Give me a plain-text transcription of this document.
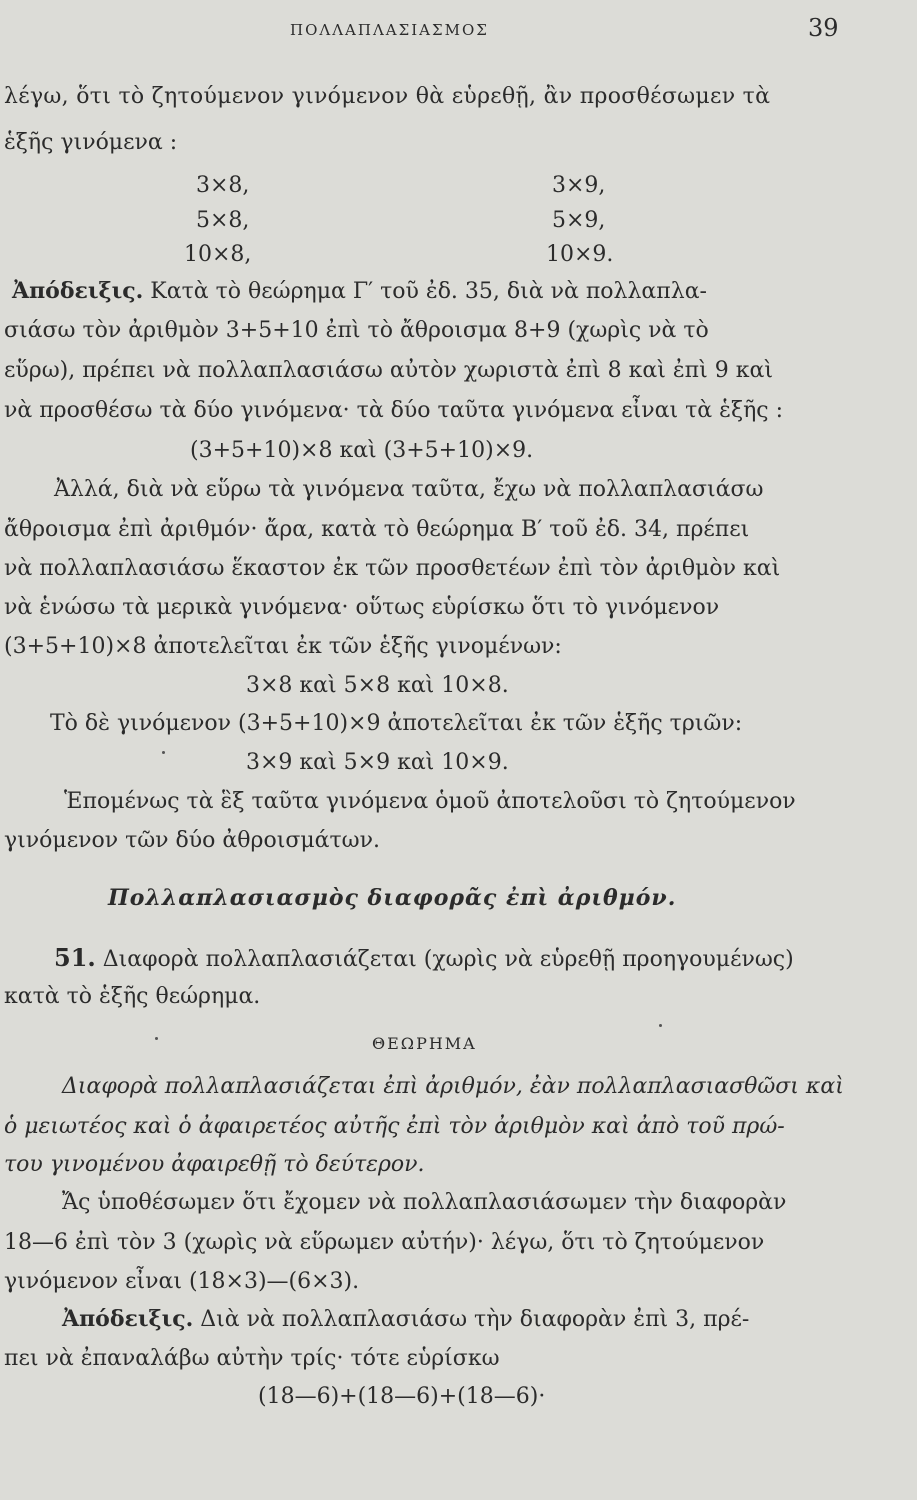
ΠΟΛΛΑΠΛΑΣΙΑΣΜΟΣ	39
λέγω, ὅτι τὸ ζητούμενον γινόμενον θὰ εὑρεθῇ, ἂν προσθέσωμεν τὰ
ἑξῆς γινόμενα :
3×8,	3×9,
5×8,	5×9,
10×8,	10×9.
Ἀπόδειξις. Κατὰ τὸ θεώρημα Γ′ τοῦ ἐδ. 35, διὰ νὰ πολλαπλα-
σιάσω τὸν ἀριθμὸν 3+5+10 ἐπὶ τὸ ἄθροισμα 8+9 (χωρὶς νὰ τὸ
εὕρω), πρέπει νὰ πολλαπλασιάσω αὐτὸν χωριστὰ ἐπὶ 8 καὶ ἐπὶ 9 καὶ
νὰ προσθέσω τὰ δύο γινόμενα· τὰ δύο ταῦτα γινόμενα εἶναι τὰ ἑξῆς :
(3+5+10)×8 καὶ (3+5+10)×9.
Ἀλλά, διὰ νὰ εὕρω τὰ γινόμενα ταῦτα, ἔχω νὰ πολλαπλασιάσω
ἄθροισμα ἐπὶ ἀριθμόν· ἄρα, κατὰ τὸ θεώρημα Β′ τοῦ ἐδ. 34, πρέπει
νὰ πολλαπλασιάσω ἕκαστον ἐκ τῶν προσθετέων ἐπὶ τὸν ἀριθμὸν καὶ
νὰ ἑνώσω τὰ μερικὰ γινόμενα· οὕτως εὑρίσκω ὅτι τὸ γινόμενον
(3+5+10)×8 ἀποτελεῖται ἐκ τῶν ἑξῆς γινομένων:
3×8 καὶ 5×8 καὶ 10×8.
Τὸ δὲ γινόμενον (3+5+10)×9 ἀποτελεῖται ἐκ τῶν ἑξῆς τριῶν:
3×9 καὶ 5×9 καὶ 10×9.
Ἑπομένως τὰ ἓξ ταῦτα γινόμενα ὁμοῦ ἀποτελοῦσι τὸ ζητούμενον
γινόμενον τῶν δύο ἀθροισμάτων.
Πολλαπλασιασμὸς διαφορᾶς ἐπὶ ἀριθμόν.
51. Διαφορὰ πολλαπλασιάζεται (χωρὶς νὰ εὑρεθῇ προηγουμένως)
κατὰ τὸ ἑξῆς θεώρημα.
ΘΕΩΡΗΜΑ
Διαφορὰ πολλαπλασιάζεται ἐπὶ ἀριθμόν, ἐὰν πολλαπλασιασθῶσι καὶ
ὁ μειωτέος καὶ ὁ ἀφαιρετέος αὐτῆς ἐπὶ τὸν ἀριθμὸν καὶ ἀπὸ τοῦ πρώ-
του γινομένου ἀφαιρεθῇ τὸ δεύτερον.
Ἄς ὑποθέσωμεν ὅτι ἔχομεν νὰ πολλαπλασιάσωμεν τὴν διαφορὰν
18—6 ἐπὶ τὸν 3 (χωρὶς νὰ εὕρωμεν αὐτήν)· λέγω, ὅτι τὸ ζητούμενον
γινόμενον εἶναι (18×3)—(6×3).
Ἀπόδειξις. Διὰ νὰ πολλαπλασιάσω τὴν διαφορὰν ἐπὶ 3, πρέ-
πει νὰ ἐπαναλάβω αὐτὴν τρίς· τότε εὑρίσκω
(18—6)+(18—6)+(18—6)·
